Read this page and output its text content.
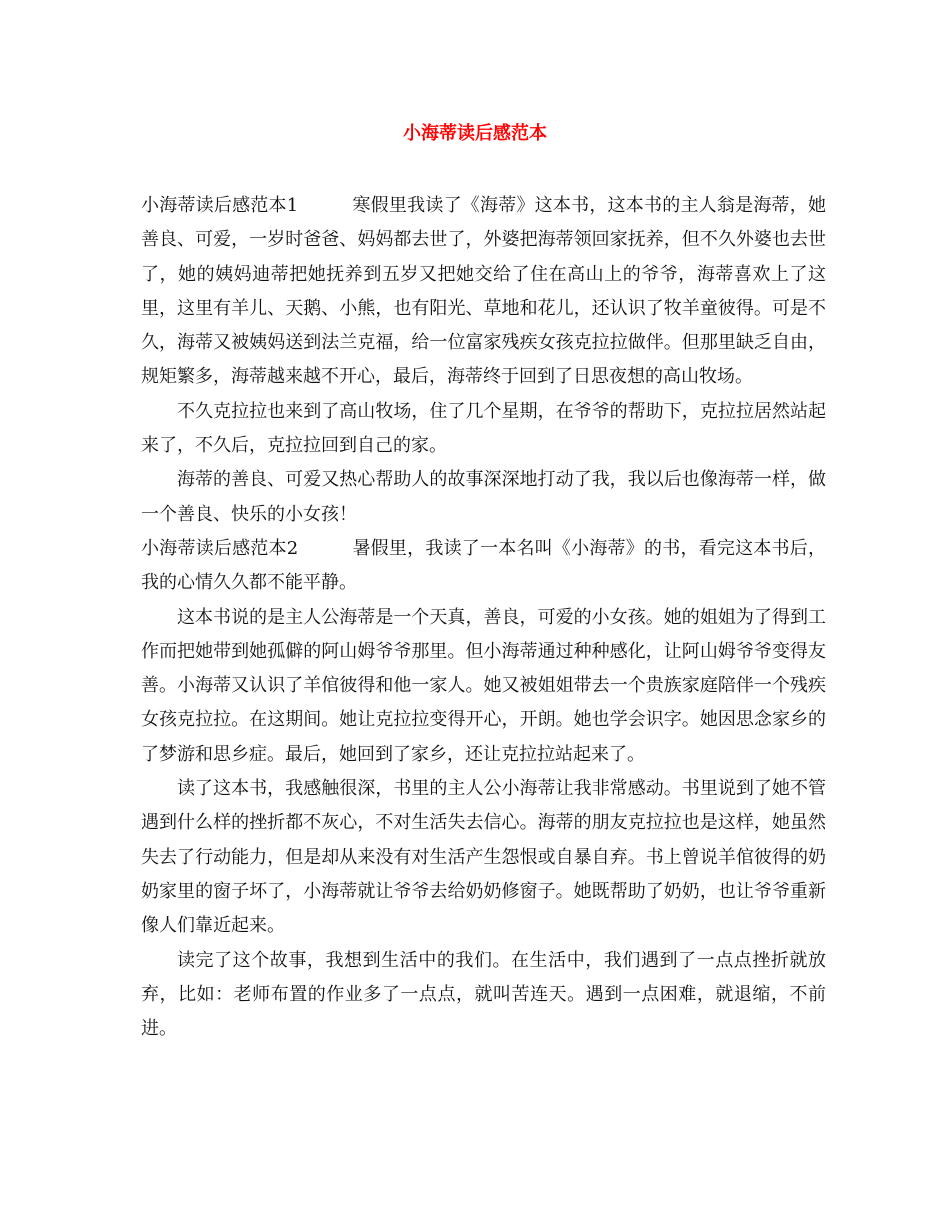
小海蒂读后感范本

小海蒂读后感范本1	寒假里我读了《海蒂》这本书，这本书的主人翁是海蒂，她善良、可爱，一岁时爸爸、妈妈都去世了，外婆把海蒂领回家抚养，但不久外婆也去世了，她的姨妈迪蒂把她抚养到五岁又把她交给了住在高山上的爷爷，海蒂喜欢上了这里，这里有羊儿、天鹅、小熊，也有阳光、草地和花儿，还认识了牧羊童彼得。可是不久，海蒂又被姨妈送到法兰克福，给一位富家残疾女孩克拉拉做伴。但那里缺乏自由，规矩繁多，海蒂越来越不开心，最后，海蒂终于回到了日思夜想的高山牧场。

不久克拉拉也来到了高山牧场，住了几个星期，在爷爷的帮助下，克拉拉居然站起来了，不久后，克拉拉回到自己的家。

海蒂的善良、可爱又热心帮助人的故事深深地打动了我，我以后也像海蒂一样，做一个善良、快乐的小女孩！

小海蒂读后感范本2	暑假里，我读了一本名叫《小海蒂》的书，看完这本书后，我的心情久久都不能平静。

这本书说的是主人公海蒂是一个天真，善良，可爱的小女孩。她的姐姐为了得到工作而把她带到她孤僻的阿山姆爷爷那里。但小海蒂通过种种感化，让阿山姆爷爷变得友善。小海蒂又认识了羊倌彼得和他一家人。她又被姐姐带去一个贵族家庭陪伴一个残疾女孩克拉拉。在这期间。她让克拉拉变得开心，开朗。她也学会识字。她因思念家乡的了梦游和思乡症。最后，她回到了家乡，还让克拉拉站起来了。

读了这本书，我感触很深，书里的主人公小海蒂让我非常感动。书里说到了她不管遇到什么样的挫折都不灰心，不对生活失去信心。海蒂的朋友克拉拉也是这样，她虽然失去了行动能力，但是却从来没有对生活产生怨恨或自暴自弃。书上曾说羊倌彼得的奶奶家里的窗子坏了，小海蒂就让爷爷去给奶奶修窗子。她既帮助了奶奶，也让爷爷重新像人们靠近起来。

读完了这个故事，我想到生活中的我们。在生活中，我们遇到了一点点挫折就放弃，比如：老师布置的作业多了一点点，就叫苦连天。遇到一点困难，就退缩，不前进。
